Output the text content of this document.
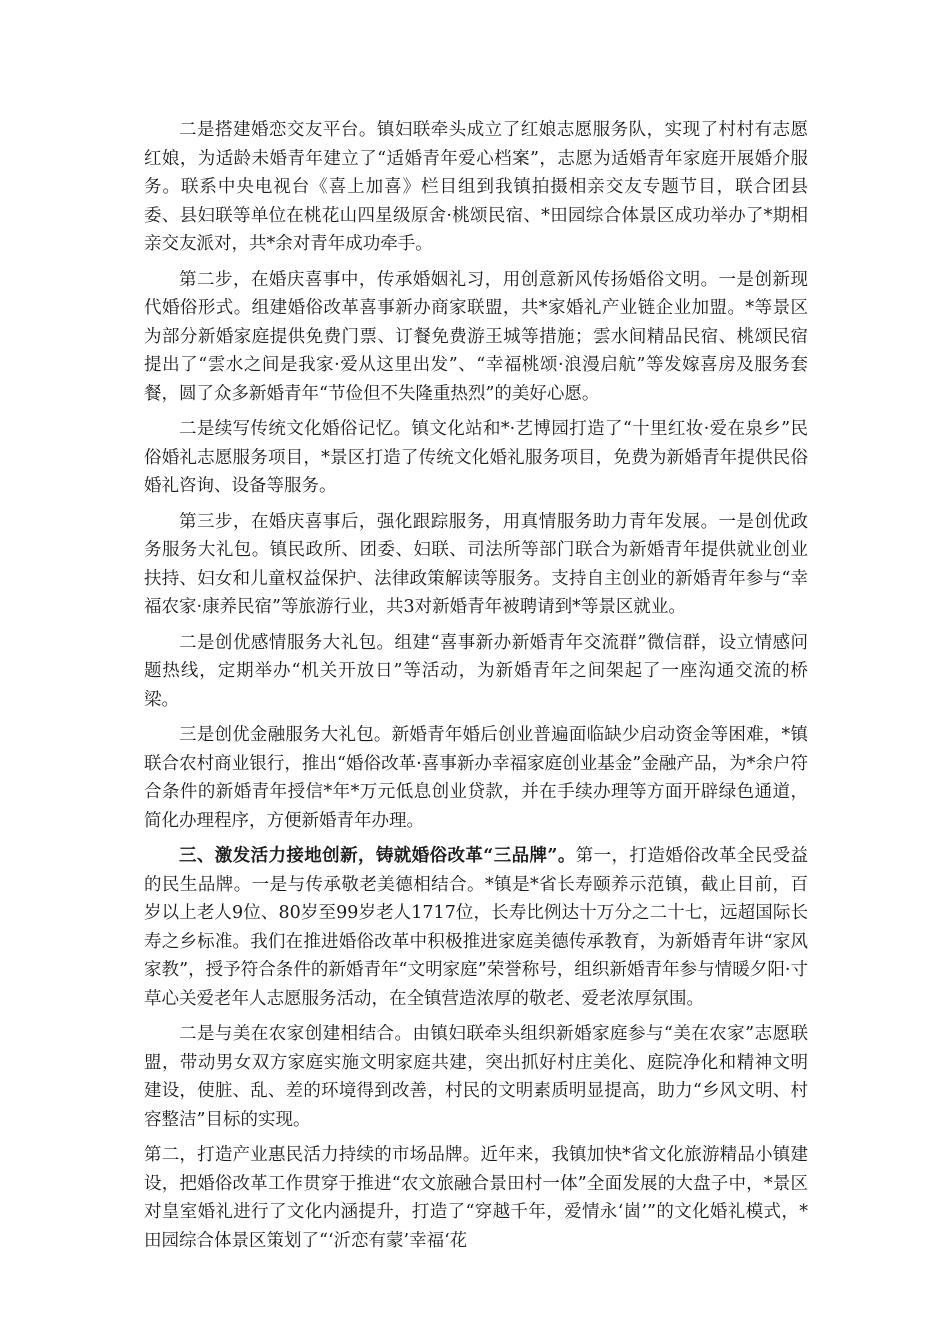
二是搭建婚恋交友平台。镇妇联牵头成立了红娘志愿服务队，实现了村村有志愿红娘，为适龄未婚青年建立了“适婚青年爱心档案”，志愿为适婚青年家庭开展婚介服务。联系中央电视台《喜上加喜》栏目组到我镇拍摄相亲交友专题节目，联合团县委、县妇联等单位在桃花山四星级原舍·桃颂民宿、*田园综合体景区成功举办了*期相亲交友派对，共*余对青年成功牵手。

第二步，在婚庆喜事中，传承婚姻礼习，用创意新风传扬婚俗文明。一是创新现代婚俗形式。组建婚俗改革喜事新办商家联盟，共*家婚礼产业链企业加盟。*等景区为部分新婚家庭提供免费门票、订餐免费游王城等措施；雲水间精品民宿、桃颂民宿提出了“雲水之间是我家·爱从这里出发”、“幸福桃颂·浪漫启航”等发嫁喜房及服务套餐，圆了众多新婚青年“节俭但不失隆重热烈”的美好心愿。

二是续写传统文化婚俗记忆。镇文化站和*·艺博园打造了“十里红妆·爱在泉乡”民俗婚礼志愿服务项目，*景区打造了传统文化婚礼服务项目，免费为新婚青年提供民俗婚礼咨询、设备等服务。

第三步，在婚庆喜事后，强化跟踪服务，用真情服务助力青年发展。一是创优政务服务大礼包。镇民政所、团委、妇联、司法所等部门联合为新婚青年提供就业创业扶持、妇女和儿童权益保护、法律政策解读等服务。支持自主创业的新婚青年参与“幸福农家·康养民宿”等旅游行业，共3对新婚青年被聘请到*等景区就业。

二是创优感情服务大礼包。组建“喜事新办新婚青年交流群”微信群，设立情感问题热线，定期举办“机关开放日”等活动，为新婚青年之间架起了一座沟通交流的桥梁。

三是创优金融服务大礼包。新婚青年婚后创业普遍面临缺少启动资金等困难，*镇联合农村商业银行，推出“婚俗改革·喜事新办幸福家庭创业基金”金融产品，为*余户符合条件的新婚青年授信*年*万元低息创业贷款，并在手续办理等方面开辟绿色通道，简化办理程序，方便新婚青年办理。

三、激发活力接地创新，铸就婚俗改革“三品牌”。第一，打造婚俗改革全民受益的民生品牌。一是与传承敬老美德相结合。*镇是*省长寿颐养示范镇，截止目前，百岁以上老人9位、80岁至99岁老人1717位，长寿比例达十万分之二十七，远超国际长寿之乡标准。我们在推进婚俗改革中积极推进家庭美德传承教育，为新婚青年讲“家风家教”，授予符合条件的新婚青年“文明家庭”荣誉称号，组织新婚青年参与情暖夕阳·寸草心关爱老年人志愿服务活动，在全镇营造浓厚的敬老、爱老浓厚氛围。

二是与美在农家创建相结合。由镇妇联牵头组织新婚家庭参与“美在农家”志愿联盟，带动男女双方家庭实施文明家庭共建，突出抓好村庄美化、庭院净化和精神文明建设，使脏、乱、差的环境得到改善，村民的文明素质明显提高，助力“乡风文明、村容整洁”目标的实现。

第二，打造产业惠民活力持续的市场品牌。近年来，我镇加快*省文化旅游精品小镇建设，把婚俗改革工作贯穿于推进“农文旅融合景田村一体”全面发展的大盘子中，*景区对皇室婚礼进行了文化内涵提升，打造了“穿越千年，爱情永‘崮’”的文化婚礼模式，*田园综合体景区策划了“‘沂恋有蒙’幸福‘花
